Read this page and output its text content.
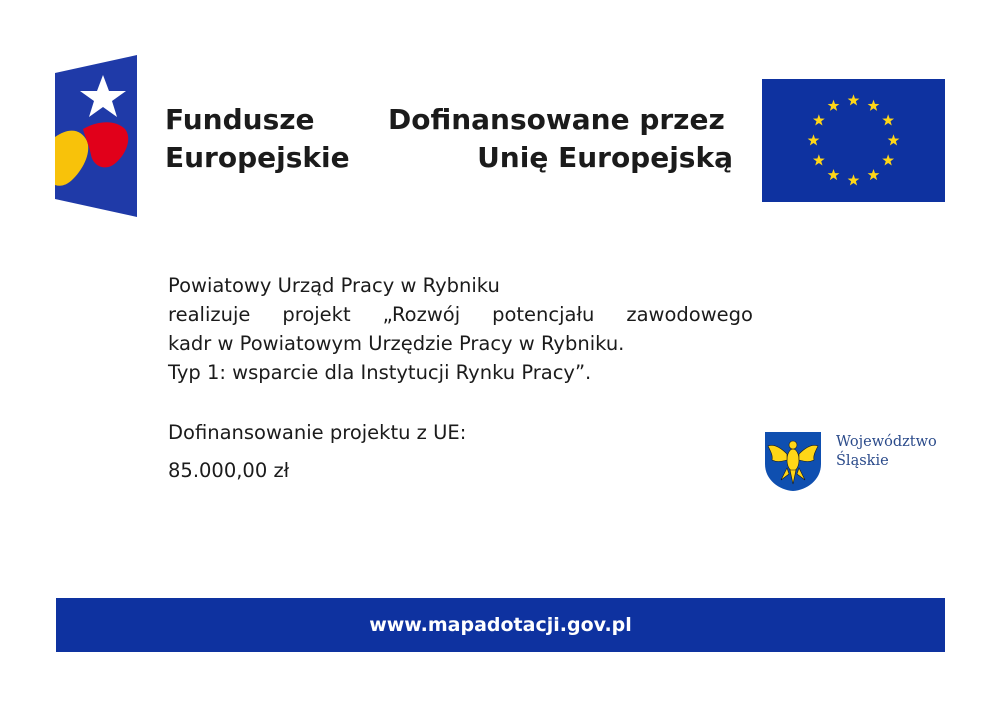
Fundusze
Europejskie
Dofinansowane przez
Unię Europejską
Powiatowy Urząd Pracy w Rybniku
realizuje projekt „Rozwój potencjału zawodowego
kadr w Powiatowym Urzędzie Pracy w Rybniku.
Typ 1: wsparcie dla Instytucji Rynku Pracy”.
Dofinansowanie projektu z UE:
85.000,00 zł
Województwo
Śląskie
www.mapadotacji.gov.pl
